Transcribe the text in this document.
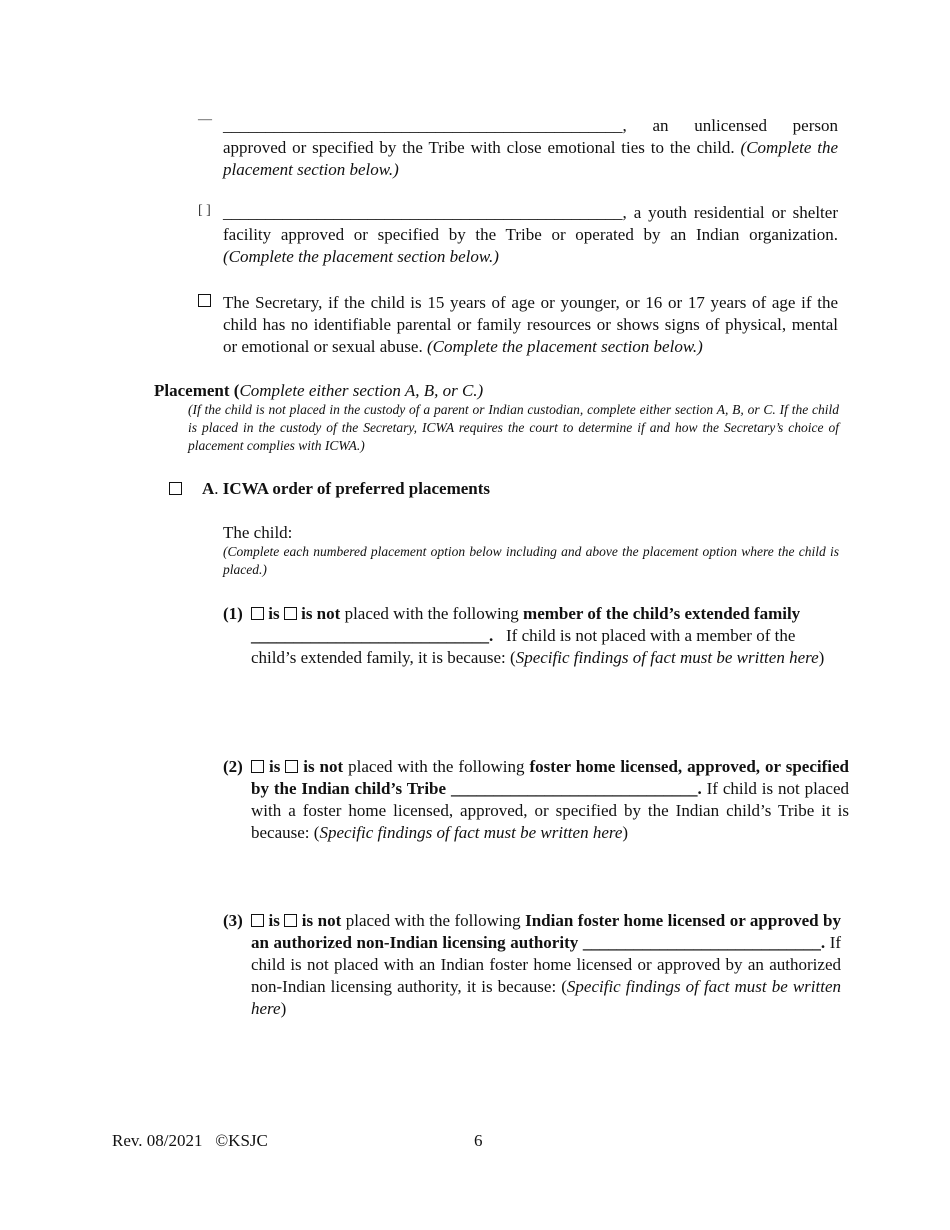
— _______________________________________________, an unlicensed person approved or specified by the Tribe with close emotional ties to the child. (Complete the placement section below.)
[ ] _______________________________________________, a youth residential or shelter facility approved or specified by the Tribe or operated by an Indian organization. (Complete the placement section below.)
The Secretary, if the child is 15 years of age or younger, or 16 or 17 years of age if the child has no identifiable parental or family resources or shows signs of physical, mental or emotional or sexual abuse. (Complete the placement section below.)
Placement (Complete either section A, B, or C.)
(If the child is not placed in the custody of a parent or Indian custodian, complete either section A, B, or C. If the child is placed in the custody of the Secretary, ICWA requires the court to determine if and how the Secretary’s choice of placement complies with ICWA.)
A. ICWA order of preferred placements
The child:
(Complete each numbered placement option below including and above the placement option where the child is placed.)
(1)	is is not placed with the following member of the child’s extended family ____________________________. If child is not placed with a member of the child’s extended family, it is because: (Specific findings of fact must be written here)
(2)	is is not placed with the following foster home licensed, approved, or specified by the Indian child’s Tribe _____________________________. If child is not placed with a foster home licensed, approved, or specified by the Indian child’s Tribe it is because: (Specific findings of fact must be written here)
(3)	is is not placed with the following Indian foster home licensed or approved by an authorized non-Indian licensing authority ____________________________. If child is not placed with an Indian foster home licensed or approved by an authorized non-Indian licensing authority, it is because: (Specific findings of fact must be written here)
Rev. 08/2021 ©KSJC	6
